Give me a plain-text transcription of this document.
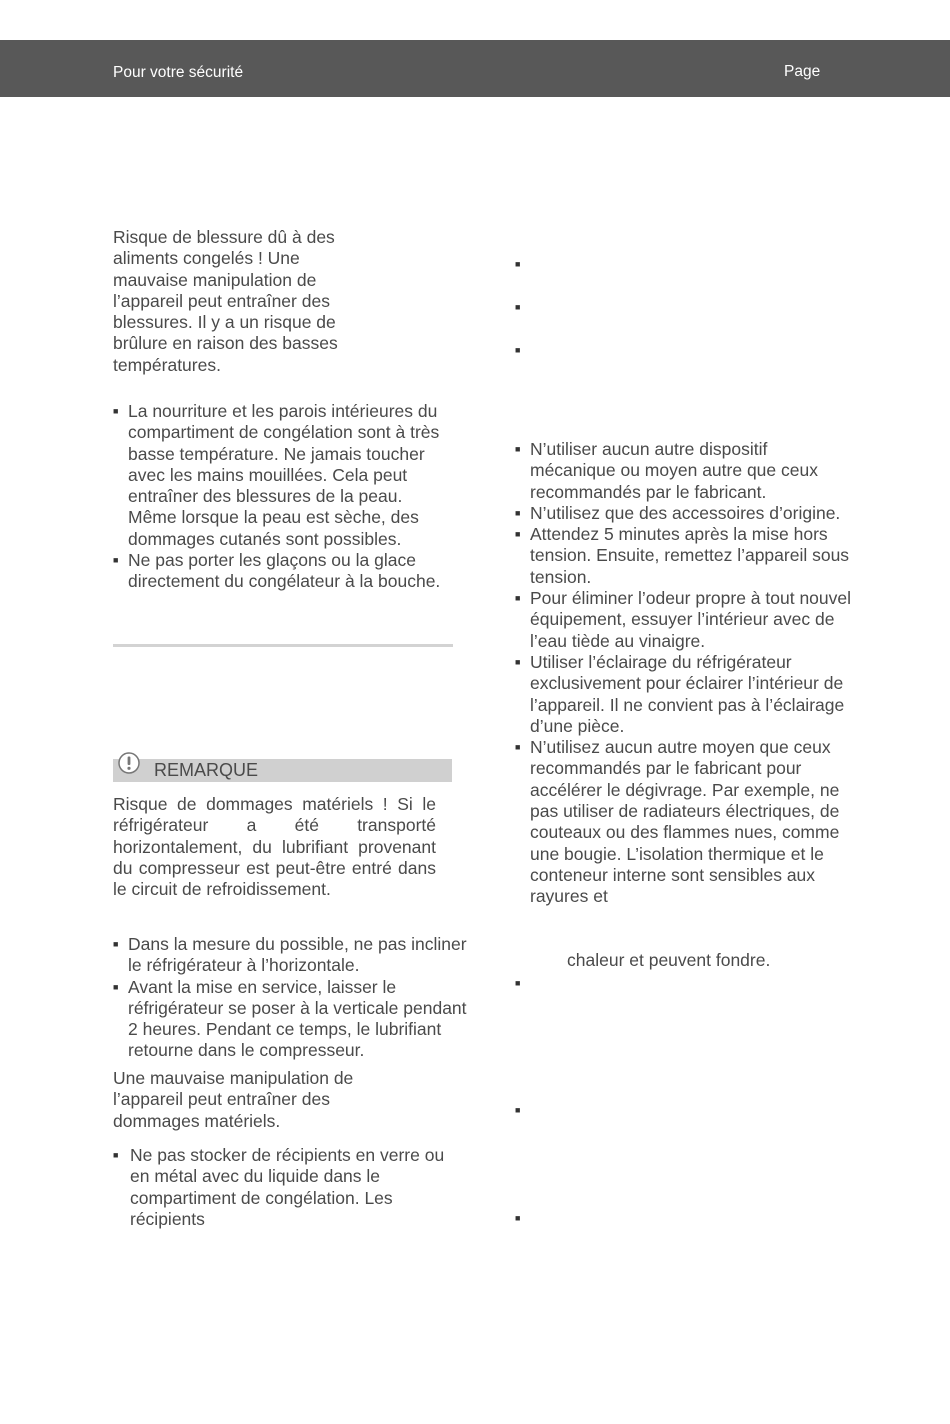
Pour votre sécurité	Page

Risque de blessure dû à des aliments congelés ! Une mauvaise manipulation de l’appareil peut entraîner des blessures. Il y a un risque de brûlure en raison des basses températures.

■ La nourriture et les parois intérieures du compartiment de congélation sont à très basse température. Ne jamais toucher avec les mains mouillées. Cela peut entraîner des blessures de la peau. Même lorsque la peau est sèche, des dommages cutanés sont possibles.
■ Ne pas porter les glaçons ou la glace directement du congélateur à la bouche.
REMARQUE

Risque de dommages matériels ! Si le réfrigérateur a été transporté horizontalement, du lubrifiant provenant du compresseur est peut-être entré dans le circuit de refroidissement.

■ Dans la mesure du possible, ne pas incliner le réfrigérateur à l’horizontale.
■ Avant la mise en service, laisser le réfrigérateur se poser à la verticale pendant 2 heures. Pendant ce temps, le lubrifiant retourne dans le compresseur.

Une mauvaise manipulation de l’appareil peut entraîner des dommages matériels.

■ Ne pas stocker de récipients en verre ou en métal avec du liquide dans le compartiment de congélation. Les récipients
■
■
■
■ N’utiliser aucun autre dispositif mécanique ou moyen autre que ceux recommandés par le fabricant.
■ N’utilisez que des accessoires d’origine.
■ Attendez 5 minutes après la mise hors tension. Ensuite, remettez l’appareil sous tension.
■ Pour éliminer l’odeur propre à tout nouvel équipement, essuyer l’intérieur avec de l’eau tiède au vinaigre.
■ Utiliser l’éclairage du réfrigérateur exclusivement pour éclairer l’intérieur de l’appareil. Il ne convient pas à l’éclairage d’une pièce.
■ N’utilisez aucun autre moyen que ceux recommandés par le fabricant pour accélérer le dégivrage. Par exemple, ne pas utiliser de radiateurs électriques, de couteaux ou des flammes nues, comme une bougie. L’isolation thermique et le conteneur interne sont sensibles aux rayures et

chaleur et peuvent fondre.

■
■
■
